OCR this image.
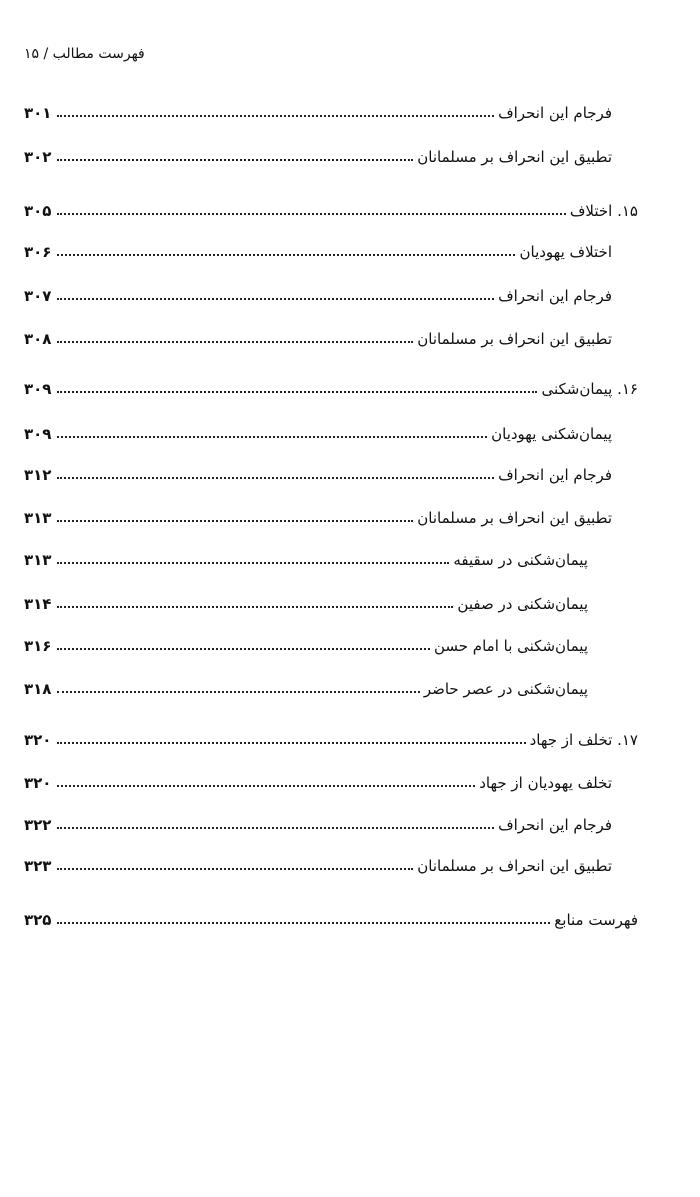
فهرست مطالب / ۱۵
۳۰۱	فرجام این انحراف
۳۰۲	تطبیق این انحراف بر مسلمانان
۳۰۵	۱۵. اختلاف
۳۰۶	اختلاف یهودیان
۳۰۷	فرجام این انحراف
۳۰۸	تطبیق این انحراف بر مسلمانان
۳۰۹	۱۶. پیمان‌شکنی
۳۰۹	پیمان‌شکنی یهودیان
۳۱۲	فرجام این انحراف
۳۱۳	تطبیق این انحراف بر مسلمانان
۳۱۳	پیمان‌شکنی در سقیفه
۳۱۴	پیمان‌شکنی در صفین
۳۱۶	پیمان‌شکنی با امام حسن
۳۱۸	پیمان‌شکنی در عصر حاضر
۳۲۰	۱۷. تخلف از جهاد
۳۲۰	تخلف یهودیان از جهاد
۳۲۲	فرجام این انحراف
۳۲۳	تطبیق این انحراف بر مسلمانان
۳۲۵	فهرست منابع
